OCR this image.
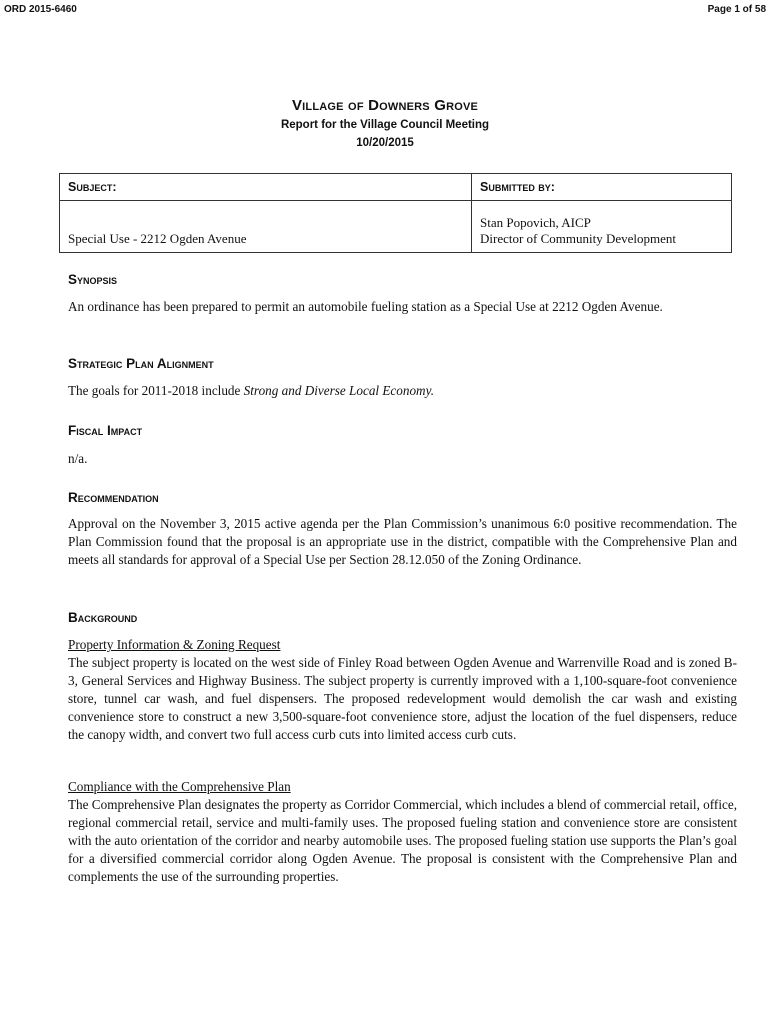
ORD 2015-6460	Page 1 of 58
Village of Downers Grove
Report for the Village Council Meeting
10/20/2015
Subject:	Submitted by:
Special Use - 2212 Ogden Avenue	Stan Popovich, AICP
Director of Community Development
Synopsis
An ordinance has been prepared to permit an automobile fueling station as a Special Use at 2212 Ogden Avenue.
Strategic Plan Alignment
The goals for 2011-2018 include Strong and Diverse Local Economy.
Fiscal Impact
n/a.
Recommendation
Approval on the November 3, 2015 active agenda per the Plan Commission’s unanimous 6:0 positive recommendation. The Plan Commission found that the proposal is an appropriate use in the district, compatible with the Comprehensive Plan and meets all standards for approval of a Special Use per Section 28.12.050 of the Zoning Ordinance.
Background
Property Information & Zoning Request
The subject property is located on the west side of Finley Road between Ogden Avenue and Warrenville Road and is zoned B-3, General Services and Highway Business. The subject property is currently improved with a 1,100-square-foot convenience store, tunnel car wash, and fuel dispensers. The proposed redevelopment would demolish the car wash and existing convenience store to construct a new 3,500-square-foot convenience store, adjust the location of the fuel dispensers, reduce the canopy width, and convert two full access curb cuts into limited access curb cuts.
Compliance with the Comprehensive Plan
The Comprehensive Plan designates the property as Corridor Commercial, which includes a blend of commercial retail, office, regional commercial retail, service and multi-family uses. The proposed fueling station and convenience store are consistent with the auto orientation of the corridor and nearby automobile uses. The proposed fueling station use supports the Plan’s goal for a diversified commercial corridor along Ogden Avenue. The proposal is consistent with the Comprehensive Plan and complements the use of the surrounding properties.
